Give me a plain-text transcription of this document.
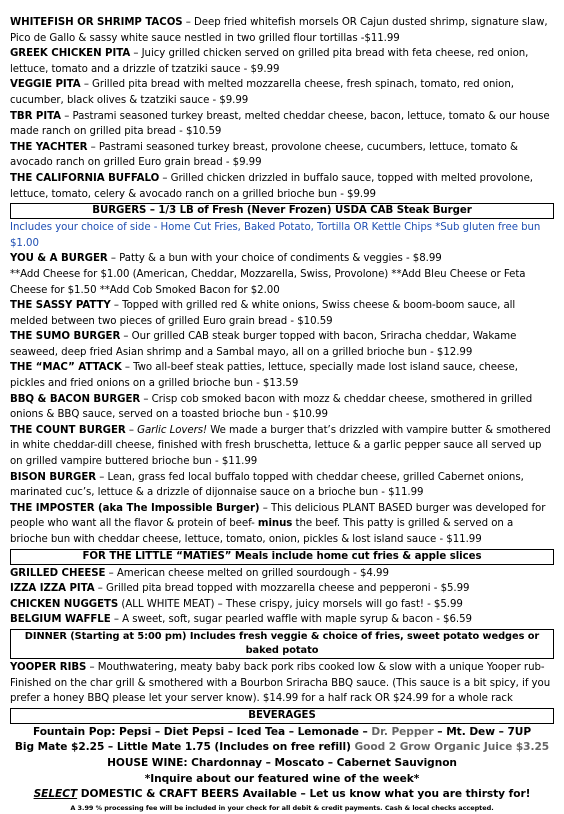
WHITEFISH OR SHRIMP TACOS – Deep fried whitefish morsels OR Cajun dusted shrimp, signature slaw, Pico de Gallo & sassy white sauce nestled in two grilled flour tortillas -$11.99

GREEK CHICKEN PITA – Juicy grilled chicken served on grilled pita bread with feta cheese, red onion, lettuce, tomato and a drizzle of tzatziki sauce - $9.99

VEGGIE PITA – Grilled pita bread with melted mozzarella cheese, fresh spinach, tomato, red onion, cucumber, black olives & tzatziki sauce - $9.99

TBR PITA – Pastrami seasoned turkey breast, melted cheddar cheese, bacon, lettuce, tomato & our house made ranch on grilled pita bread - $10.59

THE YACHTER – Pastrami seasoned turkey breast, provolone cheese, cucumbers, lettuce, tomato & avocado ranch on grilled Euro grain bread - $9.99

THE CALIFORNIA BUFFALO – Grilled chicken drizzled in buffalo sauce, topped with melted provolone, lettuce, tomato, celery & avocado ranch on a grilled brioche bun - $9.99

BURGERS – 1/3 LB of Fresh (Never Frozen) USDA CAB Steak Burger

Includes your choice of side - Home Cut Fries, Baked Potato, Tortilla OR Kettle Chips *Sub gluten free bun $1.00

YOU & A BURGER – Patty & a bun with your choice of condiments & veggies - $8.99

**Add Cheese for $1.00 (American, Cheddar, Mozzarella, Swiss, Provolone) **Add Bleu Cheese or Feta Cheese for $1.50 **Add Cob Smoked Bacon for $2.00

THE SASSY PATTY – Topped with grilled red & white onions, Swiss cheese & boom-boom sauce, all melded between two pieces of grilled Euro grain bread - $10.59

THE SUMO BURGER – Our grilled CAB steak burger topped with bacon, Sriracha cheddar, Wakame seaweed, deep fried Asian shrimp and a Sambal mayo, all on a grilled brioche bun - $12.99

THE “MAC” ATTACK – Two all-beef steak patties, lettuce, specially made lost island sauce, cheese, pickles and fried onions on a grilled brioche bun - $13.59

BBQ & BACON BURGER – Crisp cob smoked bacon with mozz & cheddar cheese, smothered in grilled onions & BBQ sauce, served on a toasted brioche bun - $10.99

THE COUNT BURGER – Garlic Lovers! We made a burger that’s drizzled with vampire butter & smothered in white cheddar-dill cheese, finished with fresh bruschetta, lettuce & a garlic pepper sauce all served up on grilled vampire buttered brioche bun - $11.99

BISON BURGER – Lean, grass fed local buffalo topped with cheddar cheese, grilled Cabernet onions, marinated cuc’s, lettuce & a drizzle of dijonnaise sauce on a brioche bun - $11.99

THE IMPOSTER (aka The Impossible Burger) – This delicious PLANT BASED burger was developed for people who want all the flavor & protein of beef- minus the beef. This patty is grilled & served on a brioche bun with cheddar cheese, lettuce, tomato, onion, pickles & lost island sauce - $11.99

FOR THE LITTLE “MATIES” Meals include home cut fries & apple slices

GRILLED CHEESE – American cheese melted on grilled sourdough - $4.99

IZZA IZZA PITA – Grilled pita bread topped with mozzarella cheese and pepperoni - $5.99

CHICKEN NUGGETS (ALL WHITE MEAT) – These crispy, juicy morsels will go fast! - $5.99

BELGIUM WAFFLE – A sweet, soft, sugar pearled waffle with maple syrup & bacon - $6.59

DINNER (Starting at 5:00 pm) Includes fresh veggie & choice of fries, sweet potato wedges or baked potato

YOOPER RIBS – Mouthwatering, meaty baby back pork ribs cooked low & slow with a unique Yooper rub-Finished on the char grill & smothered with a Bourbon Sriracha BBQ sauce. (This sauce is a bit spicy, if you prefer a honey BBQ please let your server know). $14.99 for a half rack OR $24.99 for a whole rack

BEVERAGES
Fountain Pop: Pepsi – Diet Pepsi – Iced Tea – Lemonade – Dr. Pepper – Mt. Dew – 7UP
Big Mate $2.25 – Little Mate 1.75 (Includes on free refill) Good 2 Grow Organic Juice $3.25
HOUSE WINE: Chardonnay – Moscato – Cabernet Sauvignon
*Inquire about our featured wine of the week*
SELECT DOMESTIC & CRAFT BEERS Available – Let us know what you are thirsty for!
A 3.99 % processing fee will be included in your check for all debit & credit payments. Cash & local checks accepted.
